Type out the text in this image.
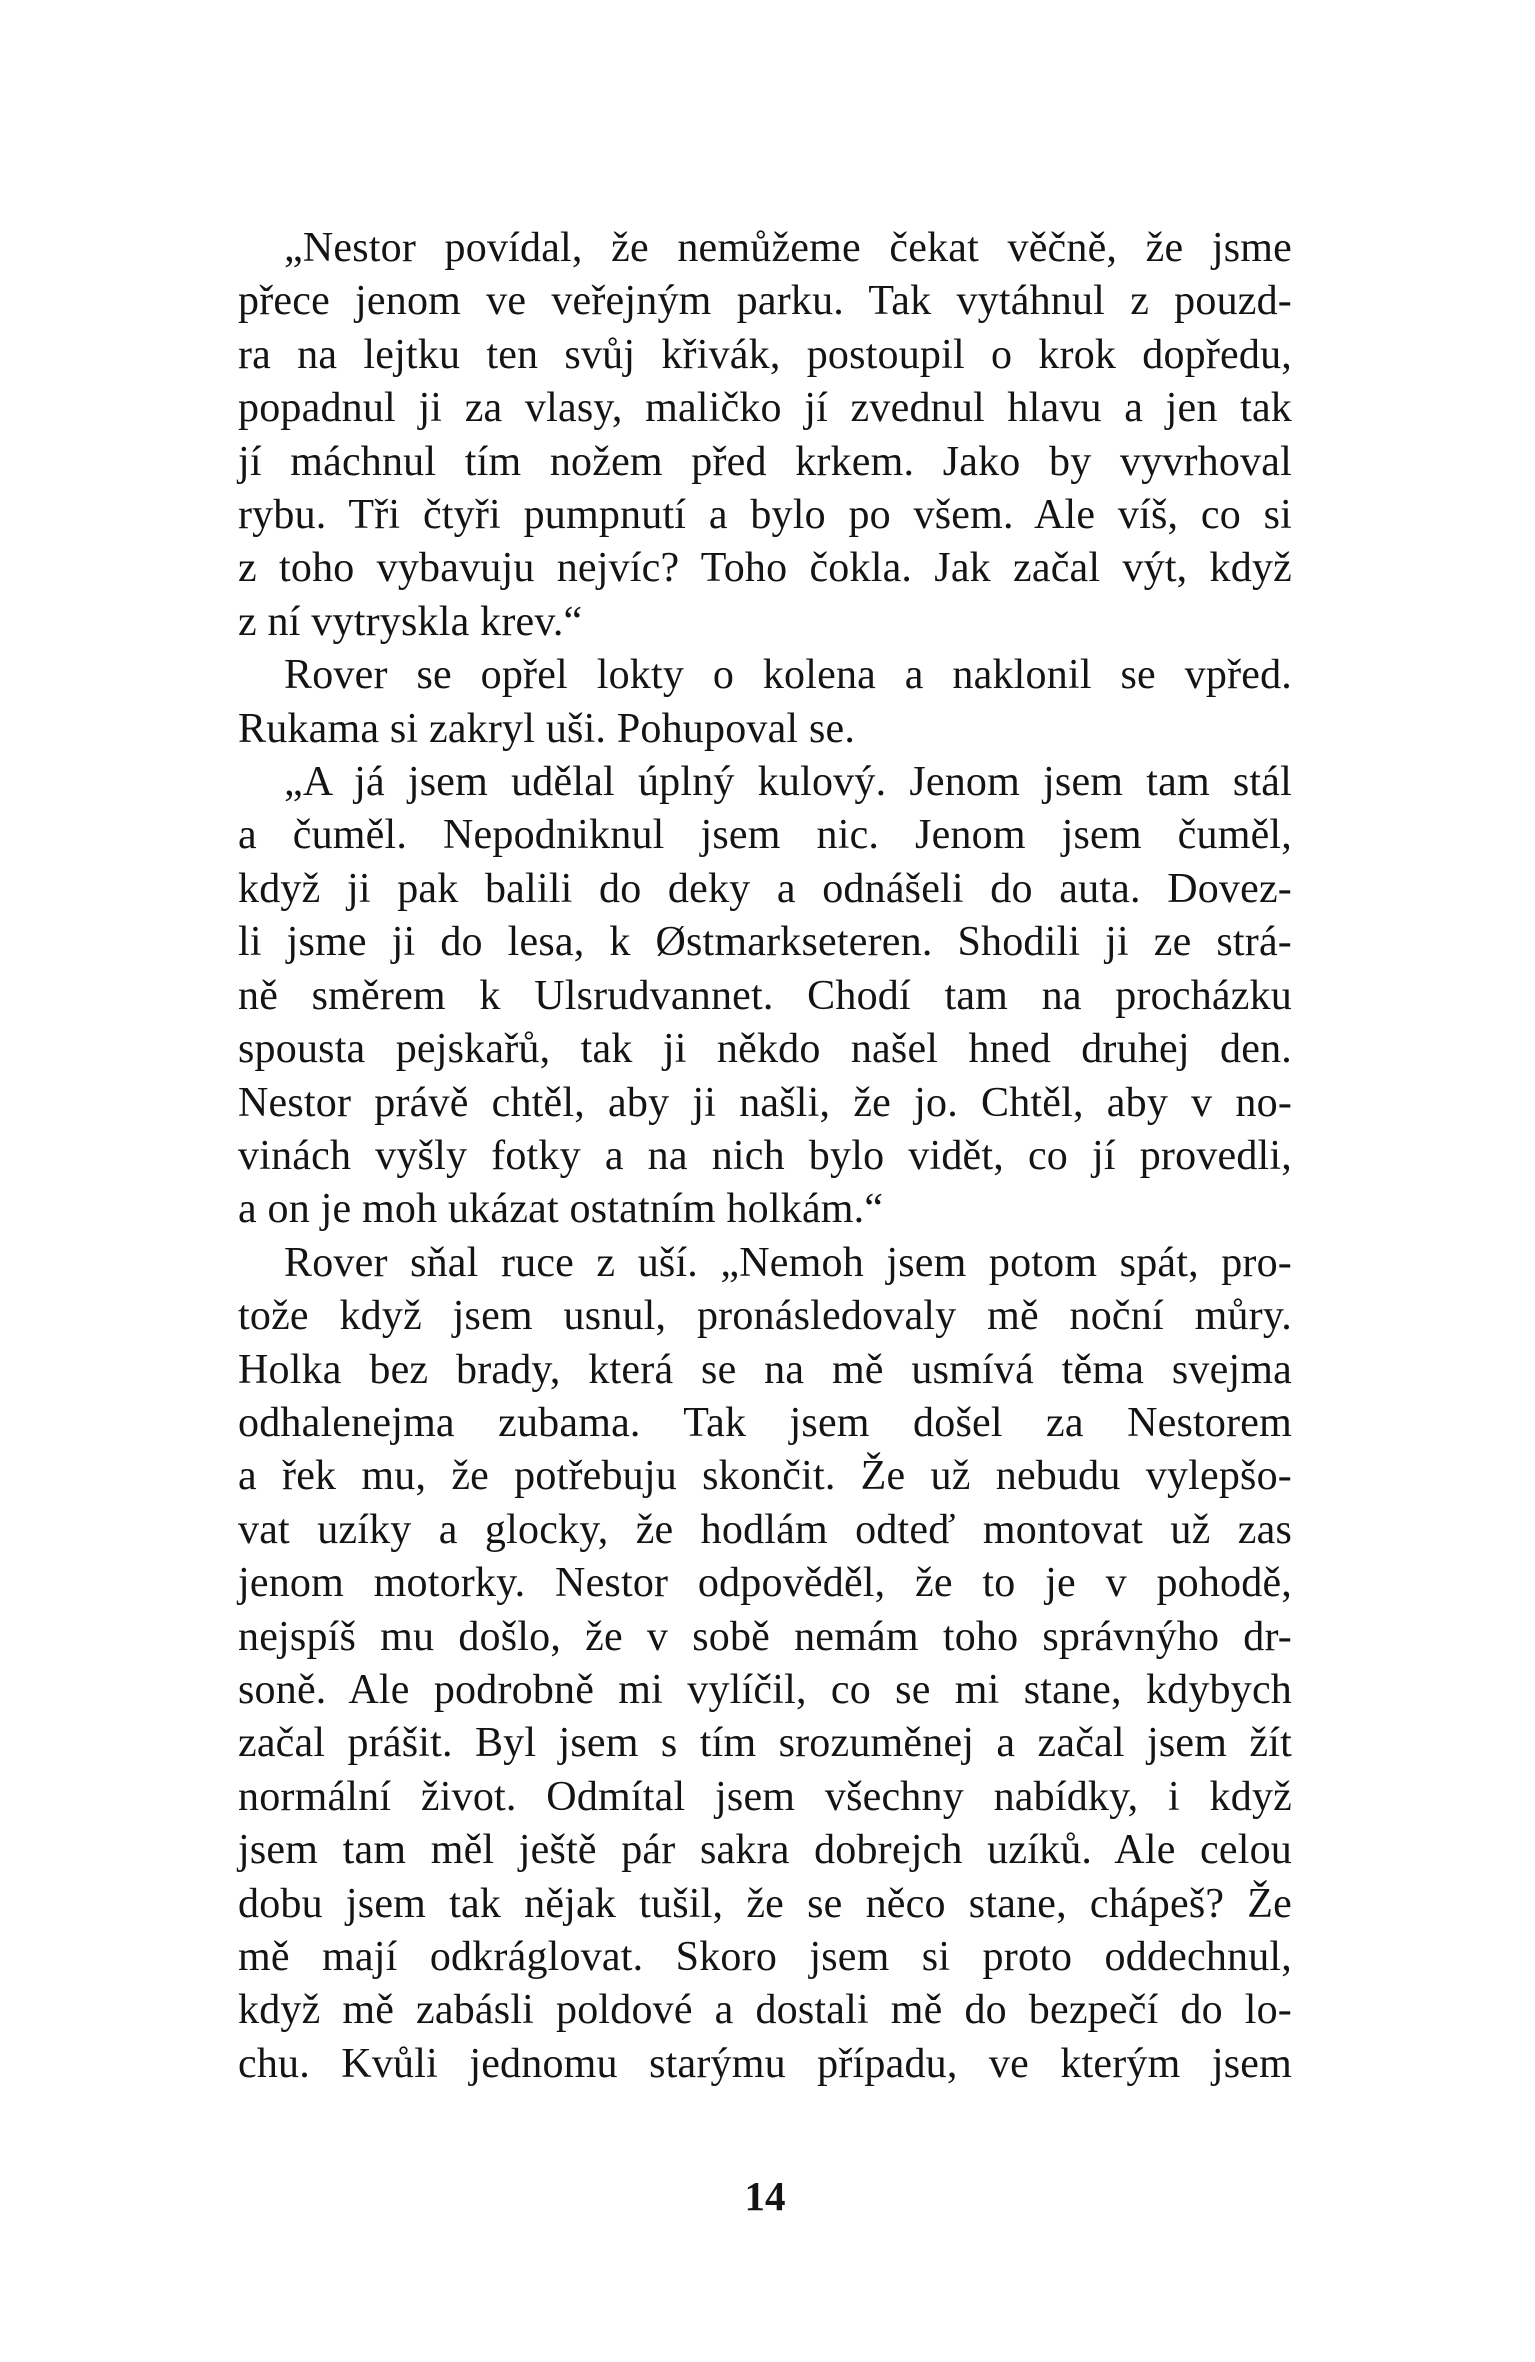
„Nestor povídal, že nemůžeme čekat věčně, že jsme
přece jenom ve veřejným parku. Tak vytáhnul z pouzd-
ra na lejtku ten svůj křivák, postoupil o krok dopředu,
popadnul ji za vlasy, maličko jí zvednul hlavu a jen tak
jí máchnul tím nožem před krkem. Jako by vyvrhoval
rybu. Tři čtyři pumpnutí a bylo po všem. Ale víš, co si
z toho vybavuju nejvíc? Toho čokla. Jak začal výt, když
z ní vytryskla krev.“
Rover se opřel lokty o kolena a naklonil se vpřed.
Rukama si zakryl uši. Pohupoval se.
„A já jsem udělal úplný kulový. Jenom jsem tam stál
a čuměl. Nepodniknul jsem nic. Jenom jsem čuměl,
když ji pak balili do deky a odnášeli do auta. Dovez-
li jsme ji do lesa, k Østmarkseteren. Shodili ji ze strá-
ně směrem k Ulsrudvannet. Chodí tam na procházku
spousta pejskařů, tak ji někdo našel hned druhej den.
Nestor právě chtěl, aby ji našli, že jo. Chtěl, aby v no-
vinách vyšly fotky a na nich bylo vidět, co jí provedli,
a on je moh ukázat ostatním holkám.“
Rover sňal ruce z uší. „Nemoh jsem potom spát, pro-
tože když jsem usnul, pronásledovaly mě noční můry.
Holka bez brady, která se na mě usmívá těma svejma
odhalenejma zubama. Tak jsem došel za Nestorem
a řek mu, že potřebuju skončit. Že už nebudu vylepšo-
vat uzíky a glocky, že hodlám odteď montovat už zas
jenom motorky. Nestor odpověděl, že to je v pohodě,
nejspíš mu došlo, že v sobě nemám toho správnýho dr-
soně. Ale podrobně mi vylíčil, co se mi stane, kdybych
začal prášit. Byl jsem s tím srozuměnej a začal jsem žít
normální život. Odmítal jsem všechny nabídky, i když
jsem tam měl ještě pár sakra dobrejch uzíků. Ale celou
dobu jsem tak nějak tušil, že se něco stane, chápeš? Že
mě mají odkráglovat. Skoro jsem si proto oddechnul,
když mě zabásli poldové a dostali mě do bezpečí do lo-
chu. Kvůli jednomu starýmu případu, ve kterým jsem
14
